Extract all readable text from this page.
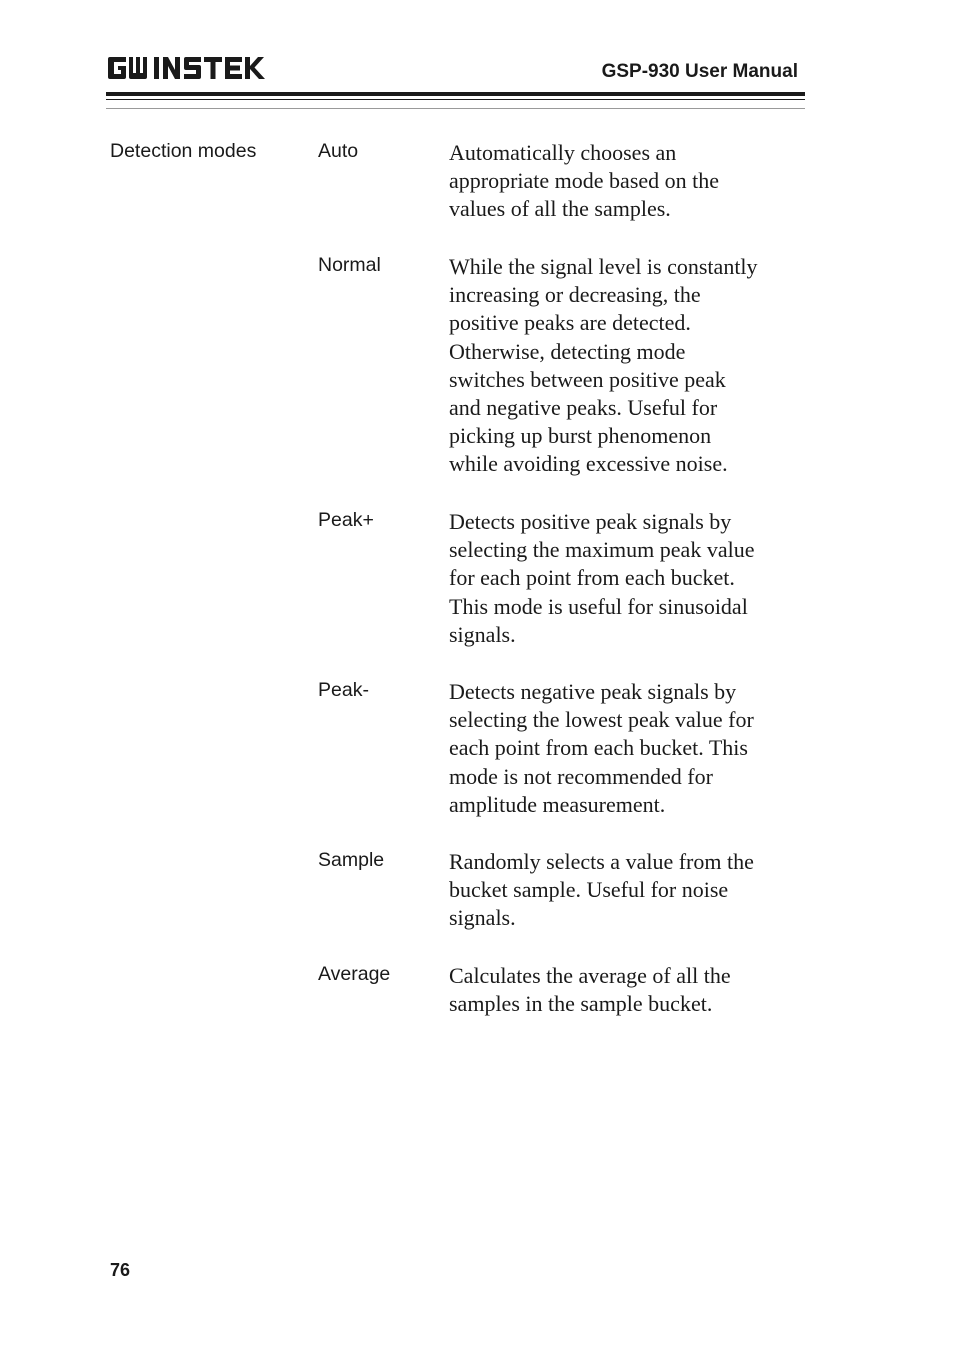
GSP-930 User Manual
Detection modes	Auto	Automatically chooses an
appropriate mode based on the
values of all the samples.
Normal	While the signal level is constantly
increasing or decreasing, the
positive peaks are detected.
Otherwise, detecting mode
switches between positive peak
and negative peaks. Useful for
picking up burst phenomenon
while avoiding excessive noise.
Peak+	Detects positive peak signals by
selecting the maximum peak value
for each point from each bucket.
This mode is useful for sinusoidal
signals.
Peak-	Detects negative peak signals by
selecting the lowest peak value for
each point from each bucket. This
mode is not recommended for
amplitude measurement.
Sample	Randomly selects a value from the
bucket sample. Useful for noise
signals.
Average	Calculates the average of all the
samples in the sample bucket.
76
